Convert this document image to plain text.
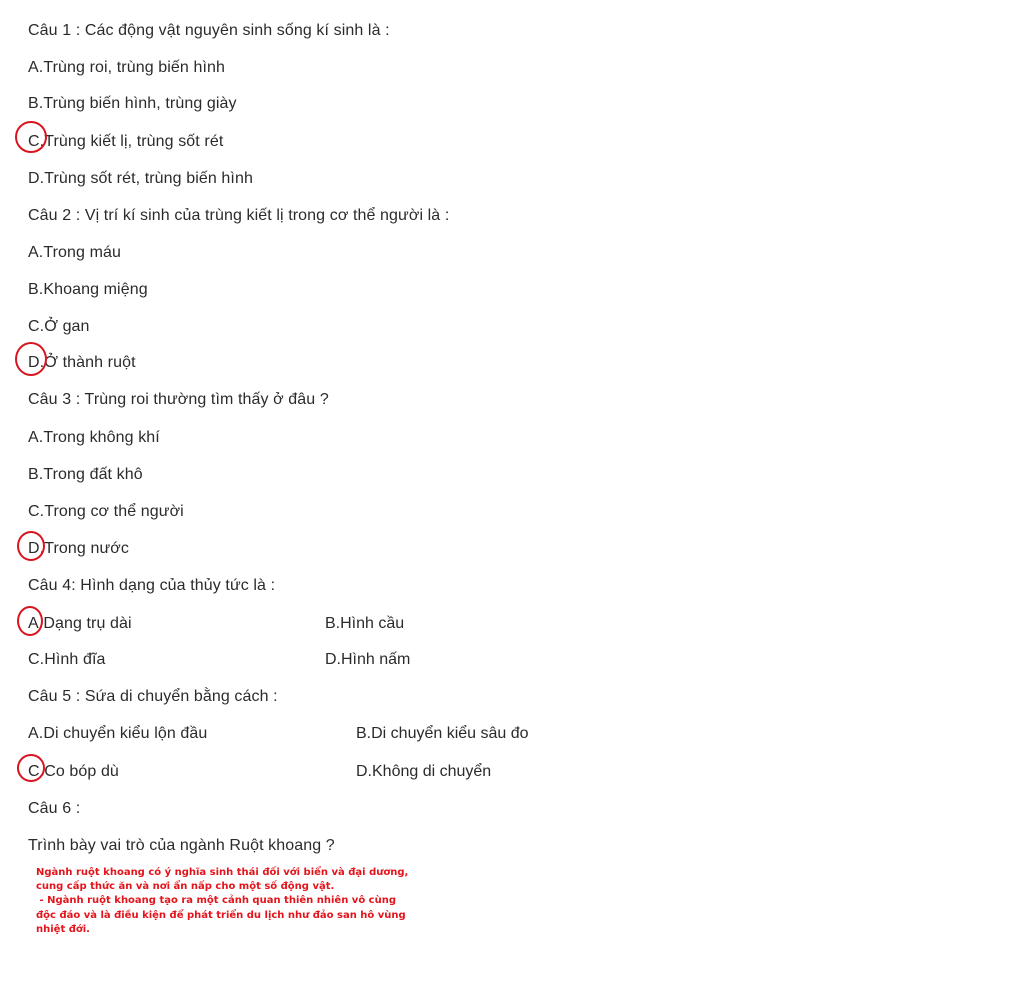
Câu 1 : Các động vật nguyên sinh sống kí sinh là :
A.Trùng roi, trùng biến hình
B.Trùng biến hình, trùng giày
C.Trùng kiết lị, trùng sốt rét
D.Trùng sốt rét, trùng biến hình
Câu 2 : Vị trí kí sinh của trùng kiết lị trong cơ thể người là :
A.Trong máu
B.Khoang miệng
C.Ở gan
D.Ở thành ruột
Câu 3 : Trùng roi thường tìm thấy ở đâu ?
A.Trong không khí
B.Trong đất khô
C.Trong cơ thể người
D.Trong nước
Câu 4: Hình dạng của thủy tức là :
A.Dạng trụ dài	B.Hình cầu
C.Hình đĩa	D.Hình nấm
Câu 5 : Sứa di chuyển bằng cách :
A.Di chuyển kiểu lộn đầu	B.Di chuyển kiểu sâu đo
C.Co bóp dù	D.Không di chuyển
Câu 6 :
Trình bày vai trò của ngành Ruột khoang ?

Ngành ruột khoang có ý nghĩa sinh thái đối với biển và đại dương,

cung cấp thức ăn và nơi ẩn nấp cho một số động vật.

- Ngành ruột khoang tạo ra một cảnh quan thiên nhiên vô cùng

độc đáo và là điều kiện để phát triển du lịch như đảo san hô vùng

nhiệt đới.
